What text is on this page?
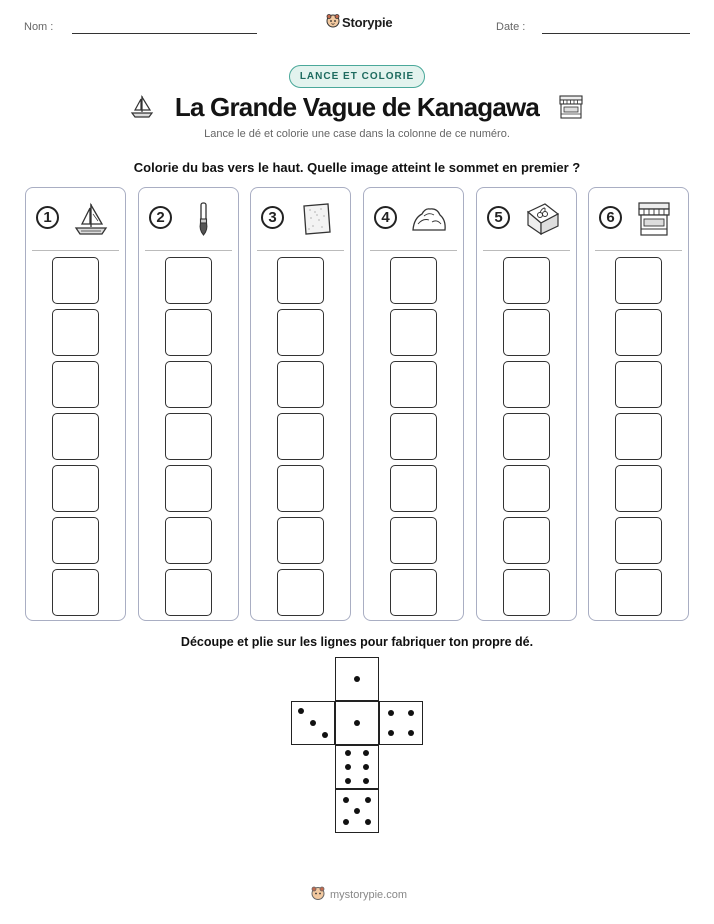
Nom :	Storypie	Date :
LANCE ET COLORIE
La Grande Vague de Kanagawa
Lance le dé et colorie une case dans la colonne de ce numéro.
Colorie du bas vers le haut. Quelle image atteint le sommet en premier ?
1	2	3	4	5	6
Découpe et plie sur les lignes pour fabriquer ton propre dé.
mystorypie.com
